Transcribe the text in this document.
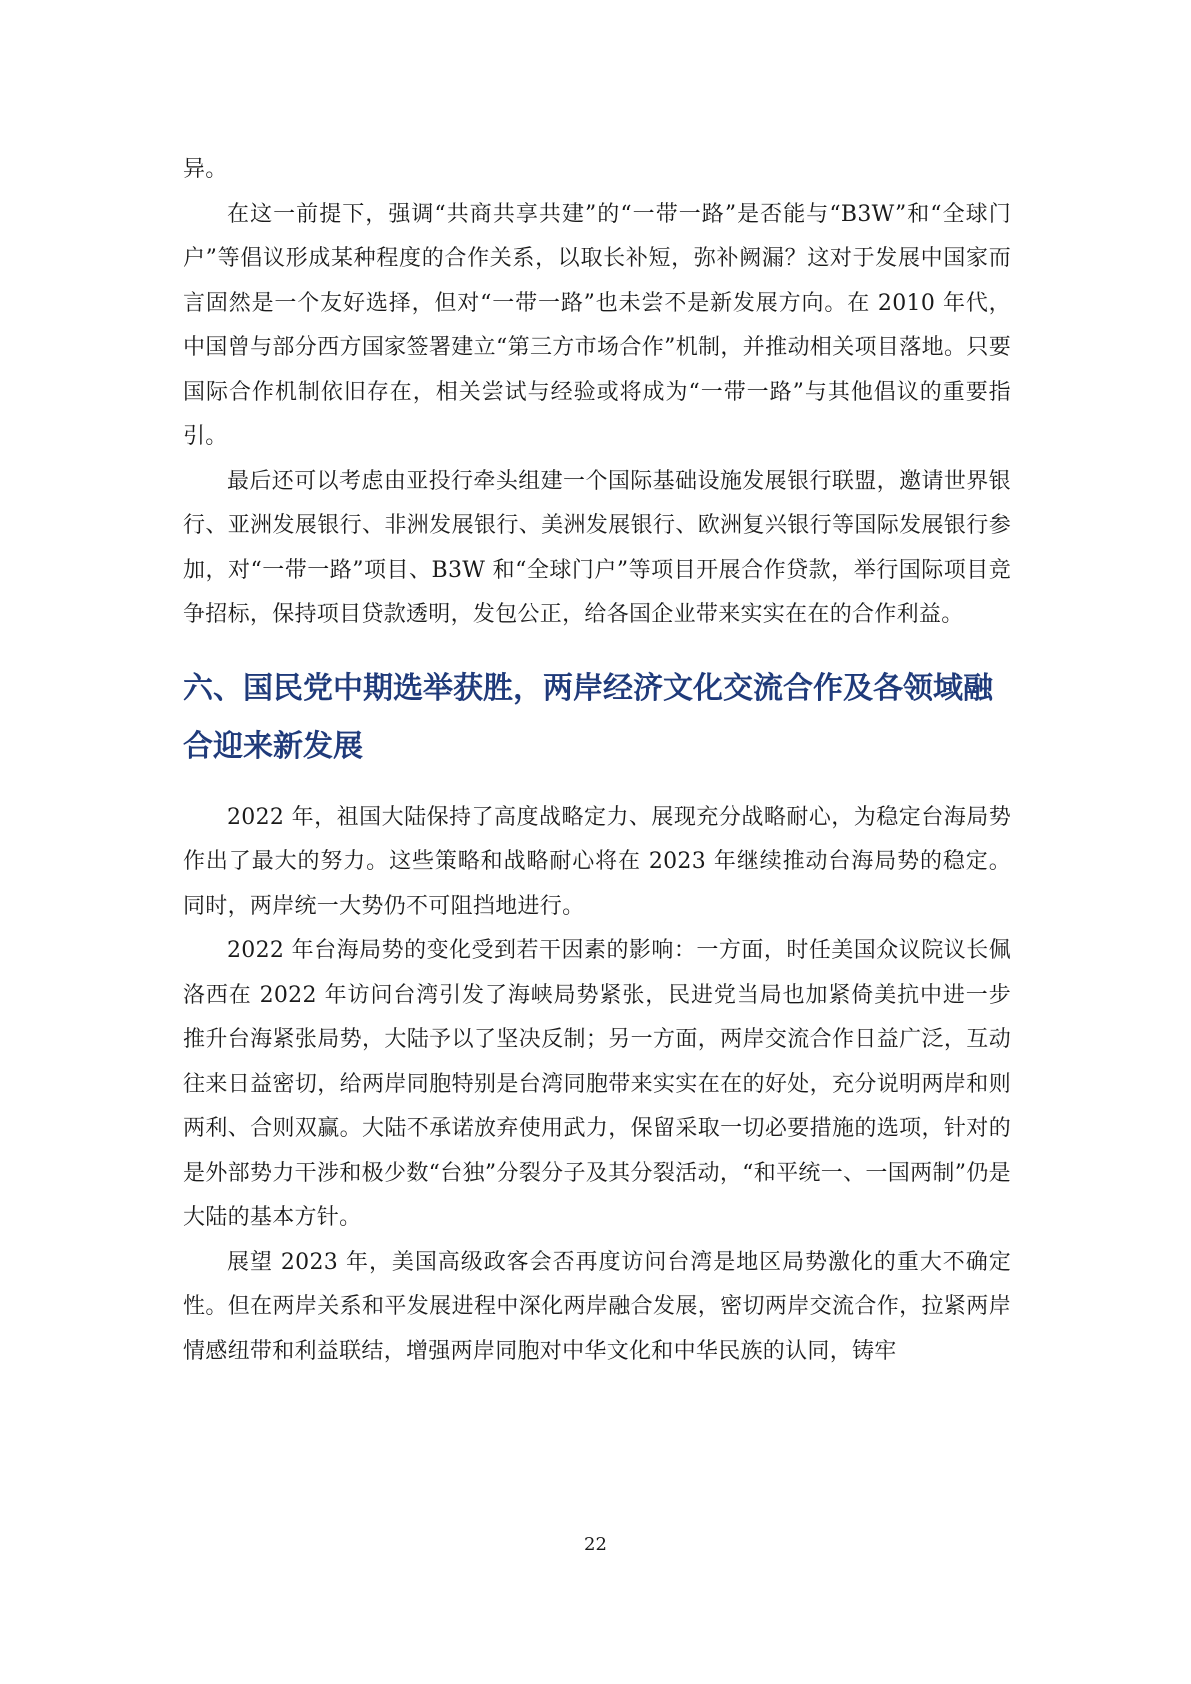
异。

在这一前提下，强调“共商共享共建”的“一带一路”是否能与“B3W”和“全球门户”等倡议形成某种程度的合作关系，以取长补短，弥补阙漏？这对于发展中国家而言固然是一个友好选择，但对“一带一路”也未尝不是新发展方向。在 2010 年代，中国曾与部分西方国家签署建立“第三方市场合作”机制，并推动相关项目落地。只要国际合作机制依旧存在，相关尝试与经验或将成为“一带一路”与其他倡议的重要指引。

最后还可以考虑由亚投行牵头组建一个国际基础设施发展银行联盟，邀请世界银行、亚洲发展银行、非洲发展银行、美洲发展银行、欧洲复兴银行等国际发展银行参加，对“一带一路”项目、B3W 和“全球门户”等项目开展合作贷款，举行国际项目竞争招标，保持项目贷款透明，发包公正，给各国企业带来实实在在的合作利益。

六、国民党中期选举获胜，两岸经济文化交流合作及各领域融合迎来新发展

2022 年，祖国大陆保持了高度战略定力、展现充分战略耐心，为稳定台海局势作出了最大的努力。这些策略和战略耐心将在 2023 年继续推动台海局势的稳定。同时，两岸统一大势仍不可阻挡地进行。

2022 年台海局势的变化受到若干因素的影响：一方面，时任美国众议院议长佩洛西在 2022 年访问台湾引发了海峡局势紧张，民进党当局也加紧倚美抗中进一步推升台海紧张局势，大陆予以了坚决反制；另一方面，两岸交流合作日益广泛，互动往来日益密切，给两岸同胞特别是台湾同胞带来实实在在的好处，充分说明两岸和则两利、合则双赢。大陆不承诺放弃使用武力，保留采取一切必要措施的选项，针对的是外部势力干涉和极少数“台独”分裂分子及其分裂活动，“和平统一、一国两制”仍是大陆的基本方针。

展望 2023 年，美国高级政客会否再度访问台湾是地区局势激化的重大不确定性。但在两岸关系和平发展进程中深化两岸融合发展，密切两岸交流合作，拉紧两岸情感纽带和利益联结，增强两岸同胞对中华文化和中华民族的认同，铸牢

22
